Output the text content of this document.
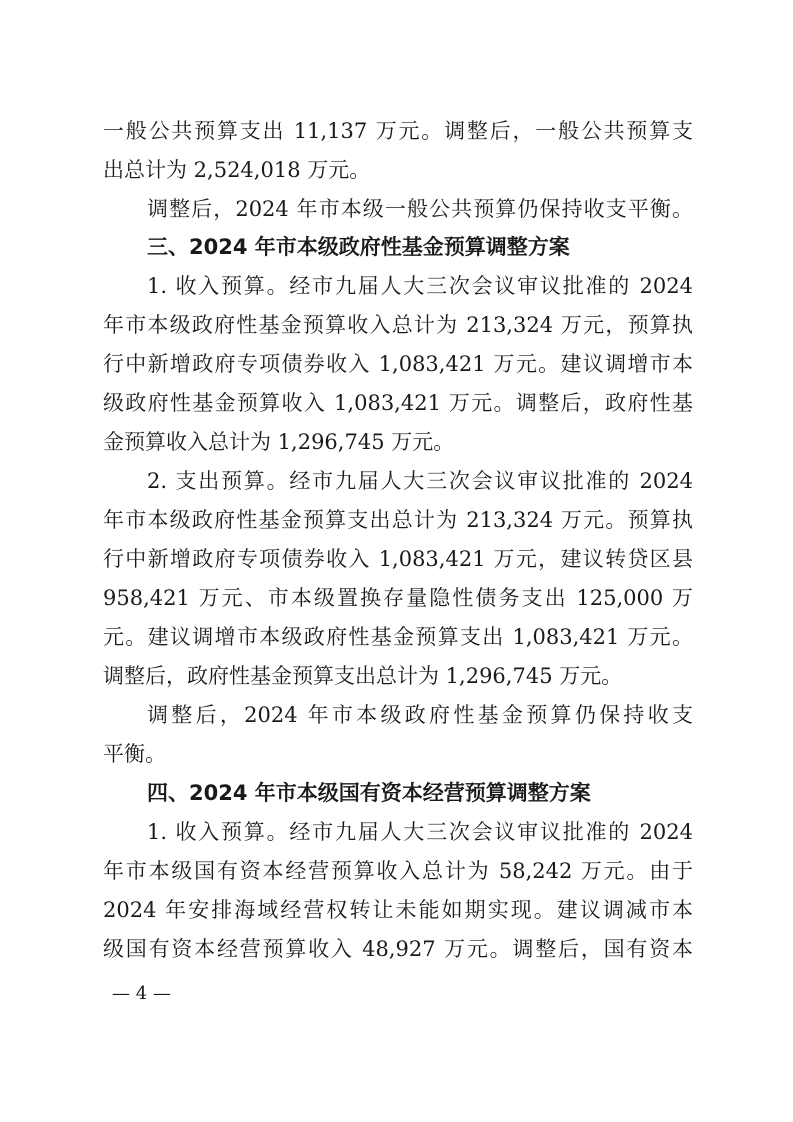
一般公共预算支出 11,137 万元。调整后，一般公共预算支
出总计为 2,524,018 万元。
调整后，2024 年市本级一般公共预算仍保持收支平衡。
三、2024 年市本级政府性基金预算调整方案
1. 收入预算。经市九届人大三次会议审议批准的 2024
年市本级政府性基金预算收入总计为 213,324 万元，预算执
行中新增政府专项债券收入 1,083,421 万元。建议调增市本
级政府性基金预算收入 1,083,421 万元。调整后，政府性基
金预算收入总计为 1,296,745 万元。
2. 支出预算。经市九届人大三次会议审议批准的 2024
年市本级政府性基金预算支出总计为 213,324 万元。预算执
行中新增政府专项债券收入 1,083,421 万元，建议转贷区县
958,421 万元、市本级置换存量隐性债务支出 125,000 万
元。建议调增市本级政府性基金预算支出 1,083,421 万元。
调整后，政府性基金预算支出总计为 1,296,745 万元。
调整后，2024 年市本级政府性基金预算仍保持收支
平衡。
四、2024 年市本级国有资本经营预算调整方案
1. 收入预算。经市九届人大三次会议审议批准的 2024
年市本级国有资本经营预算收入总计为 58,242 万元。由于
2024 年安排海域经营权转让未能如期实现。建议调减市本
级国有资本经营预算收入 48,927 万元。调整后，国有资本
— 4 —
